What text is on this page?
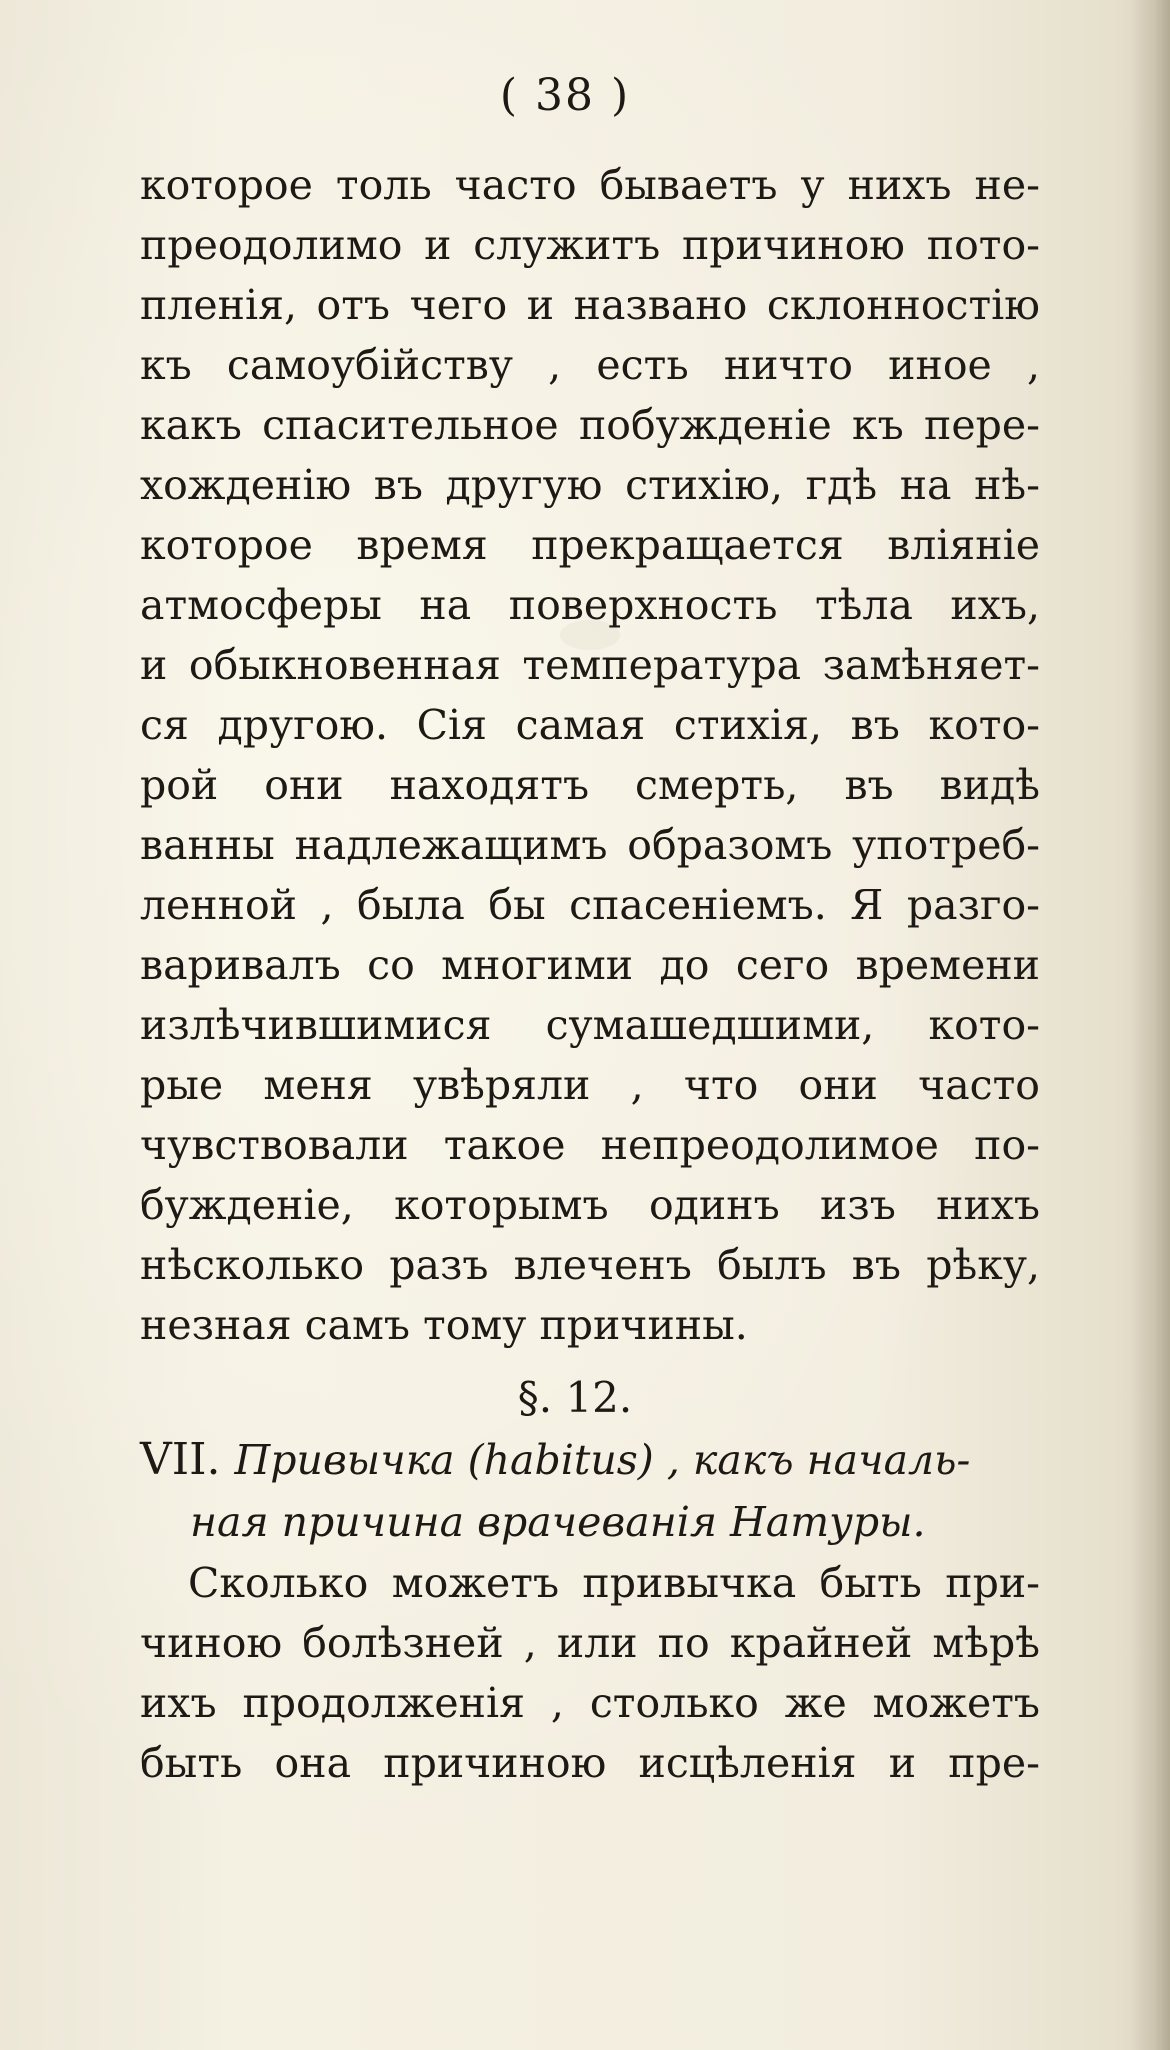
( 38 )
которое толь часто бываетъ у нихъ не-
преодолимо и служитъ причиною пото-
пленія, отъ чего и названо склонностію
къ самоубійству , есть ничто иное ,
какъ спасительное побужденіе къ пере-
хожденію въ другую стихію, гдѣ на нѣ-
которое время прекращается вліяніе
атмосферы на поверхность тѣла ихъ,
и обыкновенная температура замѣняет-
ся другою. Сія самая стихія, въ кото-
рой они находятъ смерть, въ видѣ
ванны надлежащимъ образомъ употреб-
ленной , была бы спасеніемъ. Я разго-
варивалъ со многими до сего времени
излѣчившимися сумашедшими, кото-
рые меня увѣряли , что они часто
чувствовали такое непреодолимое по-
бужденіе, которымъ одинъ изъ нихъ
нѣсколько разъ влеченъ былъ въ рѣку,
незная самъ тому причины.
§. 12.
VII. Привычка (habitus) , какъ началь-
ная причина врачеванія Натуры.
Сколько можетъ привычка быть при-
чиною болѣзней , или по крайней мѣрѣ
ихъ продолженія , столько же можетъ
быть она причиною исцѣленія и пре-
